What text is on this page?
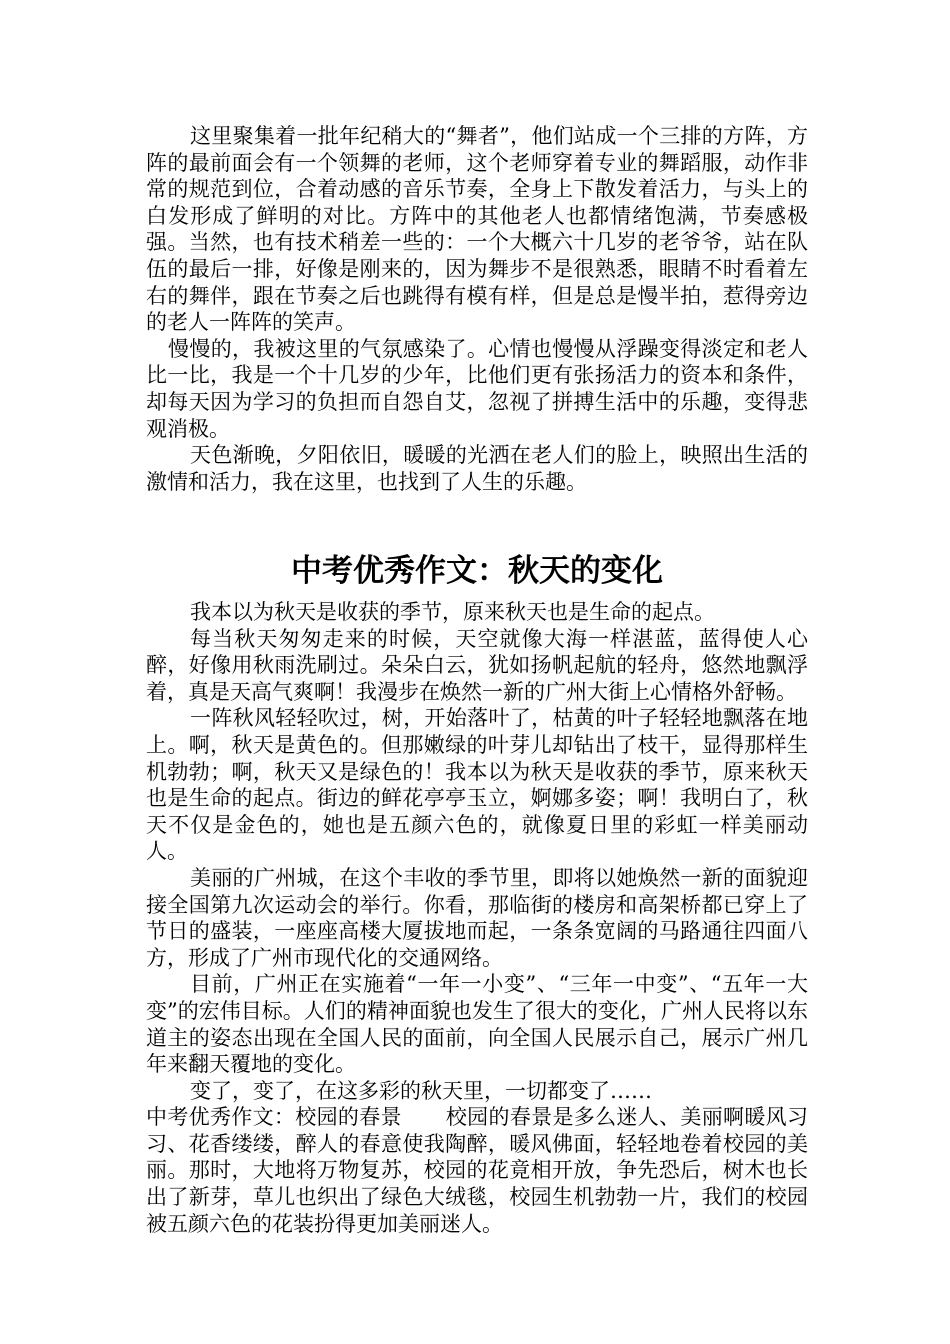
这里聚集着一批年纪稍大的“舞者”，他们站成一个三排的方阵，方阵的最前面会有一个领舞的老师，这个老师穿着专业的舞蹈服，动作非常的规范到位，合着动感的音乐节奏，全身上下散发着活力，与头上的白发形成了鲜明的对比。方阵中的其他老人也都情绪饱满，节奏感极强。当然，也有技术稍差一些的：一个大概六十几岁的老爷爷，站在队伍的最后一排，好像是刚来的，因为舞步不是很熟悉，眼睛不时看着左右的舞伴，跟在节奏之后也跳得有模有样，但是总是慢半拍，惹得旁边的老人一阵阵的笑声。

慢慢的，我被这里的气氛感染了。心情也慢慢从浮躁变得淡定和老人比一比，我是一个十几岁的少年，比他们更有张扬活力的资本和条件，却每天因为学习的负担而自怨自艾，忽视了拼搏生活中的乐趣，变得悲观消极。

天色渐晚，夕阳依旧，暖暖的光洒在老人们的脸上，映照出生活的激情和活力，我在这里，也找到了人生的乐趣。

中考优秀作文：秋天的变化

我本以为秋天是收获的季节，原来秋天也是生命的起点。

每当秋天匆匆走来的时候，天空就像大海一样湛蓝，蓝得使人心醉，好像用秋雨洗刷过。朵朵白云，犹如扬帆起航的轻舟，悠然地飘浮着，真是天高气爽啊！我漫步在焕然一新的广州大街上心情格外舒畅。

一阵秋风轻轻吹过，树，开始落叶了，枯黄的叶子轻轻地飘落在地上。啊，秋天是黄色的。但那嫩绿的叶芽儿却钻出了枝干，显得那样生机勃勃；啊，秋天又是绿色的！我本以为秋天是收获的季节，原来秋天也是生命的起点。街边的鲜花亭亭玉立，婀娜多姿；啊！我明白了，秋天不仅是金色的，她也是五颜六色的，就像夏日里的彩虹一样美丽动人。

美丽的广州城，在这个丰收的季节里，即将以她焕然一新的面貌迎接全国第九次运动会的举行。你看，那临街的楼房和高架桥都已穿上了节日的盛装，一座座高楼大厦拔地而起，一条条宽阔的马路通往四面八方，形成了广州市现代化的交通网络。

目前，广州正在实施着“一年一小变”、“三年一中变”、“五年一大变”的宏伟目标。人们的精神面貌也发生了很大的变化，广州人民将以东道主的姿态出现在全国人民的面前，向全国人民展示自己，展示广州几年来翻天覆地的变化。

变了，变了，在这多彩的秋天里，一切都变了……

中考优秀作文：校园的春景 校园的春景是多么迷人、美丽啊暖风习习、花香缕缕，醉人的春意使我陶醉，暖风佛面，轻轻地卷着校园的美丽。那时，大地将万物复苏，校园的花竟相开放，争先恐后，树木也长出了新芽，草儿也织出了绿色大绒毯，校园生机勃勃一片，我们的校园被五颜六色的花装扮得更加美丽迷人。
